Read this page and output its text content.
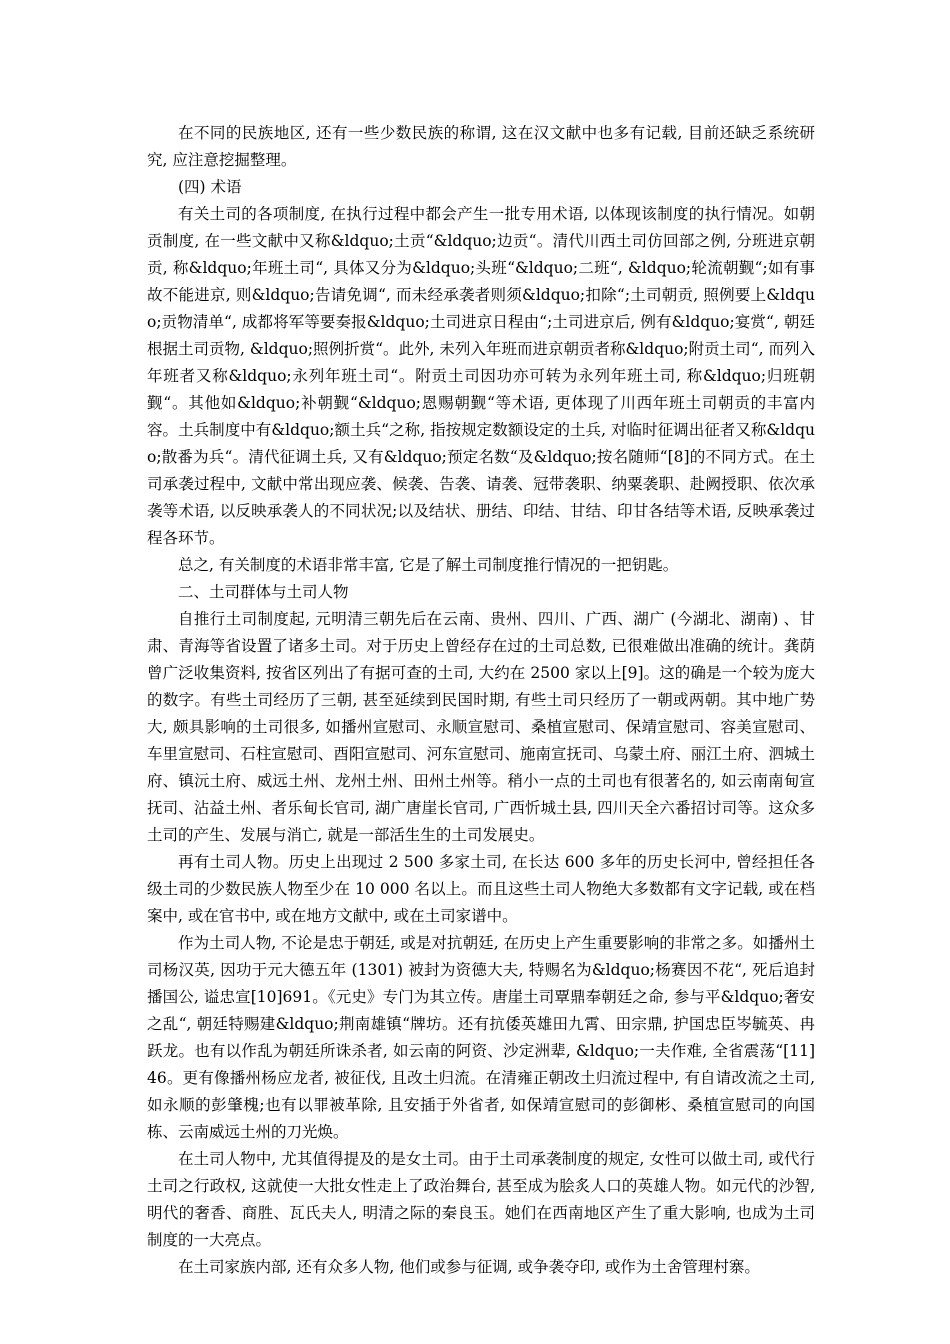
在不同的民族地区, 还有一些少数民族的称谓, 这在汉文献中也多有记载, 目前还缺乏系统研究, 应注意挖掘整理。

(四) 术语

有关土司的各项制度, 在执行过程中都会产生一批专用术语, 以体现该制度的执行情况。如朝贡制度, 在一些文献中又称&ldquo;土贡“&ldquo;边贡“。清代川西土司仿回部之例, 分班进京朝贡, 称&ldquo;年班土司“, 具体又分为&ldquo;头班“&ldquo;二班“, &ldquo;轮流朝觐“;如有事故不能进京, 则&ldquo;告请免调“, 而未经承袭者则须&ldquo;扣除“;土司朝贡, 照例要上&ldquo;贡物清单“, 成都将军等要奏报&ldquo;土司进京日程由“;土司进京后, 例有&ldquo;宴赏“, 朝廷根据土司贡物, &ldquo;照例折赏“。此外, 未列入年班而进京朝贡者称&ldquo;附贡土司“, 而列入年班者又称&ldquo;永列年班土司“。附贡土司因功亦可转为永列年班土司, 称&ldquo;归班朝觐“。其他如&ldquo;补朝觐“&ldquo;恩赐朝觐“等术语, 更体现了川西年班土司朝贡的丰富内容。土兵制度中有&ldquo;额土兵“之称, 指按规定数额设定的土兵, 对临时征调出征者又称&ldquo;散番为兵“。清代征调土兵, 又有&ldquo;预定名数“及&ldquo;按名随师“[8]的不同方式。在土司承袭过程中, 文献中常出现应袭、候袭、告袭、请袭、冠带袭职、纳粟袭职、赴阙授职、依次承袭等术语, 以反映承袭人的不同状况;以及结状、册结、印结、甘结、印甘各结等术语, 反映承袭过程各环节。

总之, 有关制度的术语非常丰富, 它是了解土司制度推行情况的一把钥匙。

二、土司群体与土司人物

自推行土司制度起, 元明清三朝先后在云南、贵州、四川、广西、湖广 (今湖北、湖南) 、甘肃、青海等省设置了诸多土司。对于历史上曾经存在过的土司总数, 已很难做出准确的统计。龚荫曾广泛收集资料, 按省区列出了有据可查的土司, 大约在 2500 家以上[9]。这的确是一个较为庞大的数字。有些土司经历了三朝, 甚至延续到民国时期, 有些土司只经历了一朝或两朝。其中地广势大, 颇具影响的土司很多, 如播州宣慰司、永顺宣慰司、桑植宣慰司、保靖宣慰司、容美宣慰司、车里宣慰司、石柱宣慰司、酉阳宣慰司、河东宣慰司、施南宣抚司、乌蒙土府、丽江土府、泗城土府、镇沅土府、威远土州、龙州土州、田州土州等。稍小一点的土司也有很著名的, 如云南南甸宣抚司、沾益土州、者乐甸长官司, 湖广唐崖长官司, 广西忻城土县, 四川天全六番招讨司等。这众多土司的产生、发展与消亡, 就是一部活生生的土司发展史。

再有土司人物。历史上出现过 2 500 多家土司, 在长达 600 多年的历史长河中, 曾经担任各级土司的少数民族人物至少在 10 000 名以上。而且这些土司人物绝大多数都有文字记载, 或在档案中, 或在官书中, 或在地方文献中, 或在土司家谱中。

作为土司人物, 不论是忠于朝廷, 或是对抗朝廷, 在历史上产生重要影响的非常之多。如播州土司杨汉英, 因功于元大德五年 (1301) 被封为资德大夫, 特赐名为&ldquo;杨赛因不花“, 死后追封播国公, 谥忠宣[10]691。《元史》专门为其立传。唐崖土司覃鼎奉朝廷之命, 参与平&ldquo;奢安之乱“, 朝廷特赐建&ldquo;荆南雄镇“牌坊。还有抗倭英雄田九霄、田宗鼎, 护国忠臣岑毓英、冉跃龙。也有以作乱为朝廷所诛杀者, 如云南的阿资、沙定洲辈, &ldquo;一夫作难, 全省震荡“[11]46。更有像播州杨应龙者, 被征伐, 且改土归流。在清雍正朝改土归流过程中, 有自请改流之土司, 如永顺的彭肇槐;也有以罪被革除, 且安插于外省者, 如保靖宣慰司的彭御彬、桑植宣慰司的向国栋、云南威远土州的刀光焕。

在土司人物中, 尤其值得提及的是女土司。由于土司承袭制度的规定, 女性可以做土司, 或代行土司之行政权, 这就使一大批女性走上了政治舞台, 甚至成为脍炙人口的英雄人物。如元代的沙智, 明代的奢香、商胜、瓦氏夫人, 明清之际的秦良玉。她们在西南地区产生了重大影响, 也成为土司制度的一大亮点。

在土司家族内部, 还有众多人物, 他们或参与征调, 或争袭夺印, 或作为土舍管理村寨。
